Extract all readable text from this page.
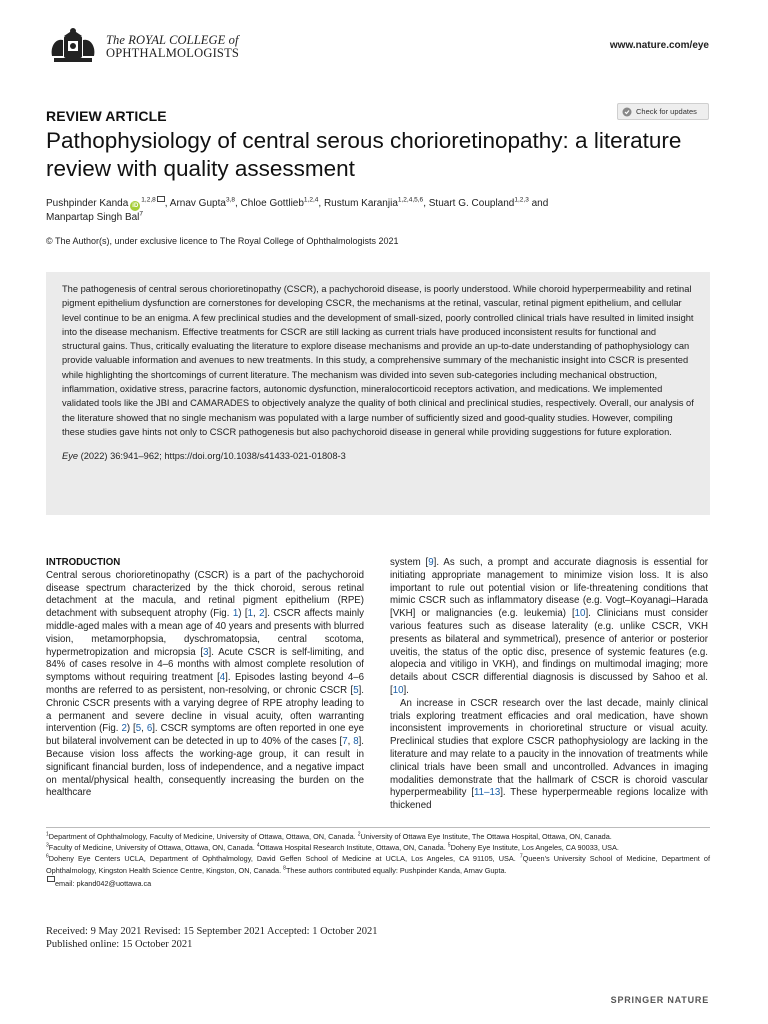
The ROYAL COLLEGE of
OPHTHALMOLOGISTS
www.nature.com/eye
REVIEW ARTICLE	Check for updates
Pathophysiology of central serous chorioretinopathy: a literature review with quality assessment
Pushpinder Kanda iD$^{1,2,8}$ , Arnav Gupta$^{3,8}$, Chloe Gottlieb$^{1,2,4}$, Rustum Karanjia$^{1,2,4,5,6}$, Stuart G. Coupland$^{1,2,3}$ and
Manpartap Singh Bal$^7$
© The Author(s), under exclusive licence to The Royal College of Ophthalmologists 2021

The pathogenesis of central serous chorioretinopathy (CSCR), a pachychoroid disease, is poorly understood. While choroid hyperpermeability and retinal pigment epithelium dysfunction are cornerstones for developing CSCR, the mechanisms at the retinal, vascular, retinal pigment epithelium, and cellular level continue to be an enigma. A few preclinical studies and the development of small-sized, poorly controlled clinical trials have resulted in limited insight into the disease mechanism. Effective treatments for CSCR are still lacking as current trials have produced inconsistent results for functional and structural gains. Thus, critically evaluating the literature to explore disease mechanisms and provide an up-to-date understanding of pathophysiology can provide valuable information and avenues to new treatments. In this study, a comprehensive summary of the mechanistic insight into CSCR is presented while highlighting the shortcomings of current literature. The mechanism was divided into seven sub-categories including mechanical obstruction, inflammation, oxidative stress, paracrine factors, autonomic dysfunction, mineralocorticoid receptors activation, and medications. We implemented validated tools like the JBI and CAMARADES to objectively analyze the quality of both clinical and preclinical studies, respectively. Overall, our analysis of the literature showed that no single mechanism was populated with a large number of sufficiently sized and good-quality studies. However, compiling these studies gave hints not only to CSCR pathogenesis but also pachychoroid disease in general while providing suggestions for future exploration.

Eye (2022) 36:941–962; https://doi.org/10.1038/s41433-021-01808-3

INTRODUCTION

Central serous chorioretinopathy (CSCR) is a part of the pachychoroid disease spectrum characterized by the thick choroid, serous retinal detachment at the macula, and retinal pigment epithelium (RPE) detachment with subsequent atrophy (Fig. 1) [1, 2]. CSCR affects mainly middle-aged males with a mean age of 40 years and presents with blurred vision, metamorphopsia, dyschromatopsia, central scotoma, hypermetropization and micropsia [3]. Acute CSCR is self-limiting, and 84% of cases resolve in 4–6 months with almost complete resolution of symptoms without requiring treatment [4]. Episodes lasting beyond 4–6 months are referred to as persistent, non-resolving, or chronic CSCR [5]. Chronic CSCR presents with a varying degree of RPE atrophy leading to a permanent and severe decline in visual acuity, often warranting intervention (Fig. 2) [5, 6]. CSCR symptoms are often reported in one eye but bilateral involvement can be detected in up to 40% of the cases [7, 8]. Because vision loss affects the working-age group, it can result in significant financial burden, loss of independence, and a negative impact on mental/physical health, consequently increasing the burden on the healthcare

system [9]. As such, a prompt and accurate diagnosis is essential for initiating appropriate management to minimize vision loss. It is also important to rule out potential vision or life-threatening conditions that mimic CSCR such as inflammatory disease (e.g. Vogt–Koyanagi–Harada [VKH] or malignancies (e.g. leukemia) [10]. Clinicians must consider various features such as disease laterality (e.g. unlike CSCR, VKH presents as bilateral and symmetrical), presence of anterior or posterior uveitis, the status of the optic disc, presence of systemic features (e.g. alopecia and vitiligo in VKH), and findings on multimodal imaging; more details about CSCR differential diagnosis is discussed by Sahoo et al. [10].

An increase in CSCR research over the last decade, mainly clinical trials exploring treatment efficacies and oral medication, have shown inconsistent improvements in chorioretinal structure or visual acuity. Preclinical studies that explore CSCR pathophysiology are lacking in the literature and may relate to a paucity in the innovation of treatments while clinical trials have been small and uncontrolled. Advances in imaging modalities demonstrate that the hallmark of CSCR is choroid vascular hyperpermeability [11–13]. These hyperpermeable regions localize with thickened

$^1$Department of Ophthalmology, Faculty of Medicine, University of Ottawa, Ottawa, ON, Canada. $^2$University of Ottawa Eye Institute, The Ottawa Hospital, Ottawa, ON, Canada.
$^3$Faculty of Medicine, University of Ottawa, Ottawa, ON, Canada. $^4$Ottawa Hospital Research Institute, Ottawa, ON, Canada. $^5$Doheny Eye Institute, Los Angeles, CA 90033, USA.
$^6$Doheny Eye Centers UCLA, Department of Ophthalmology, David Geffen School of Medicine at UCLA, Los Angeles, CA 91105, USA. $^7$Queen's University School of Medicine, Department of Ophthalmology, Kingston Health Science Centre, Kingston, ON, Canada. $^8$These authors contributed equally: Pushpinder Kanda, Arnav Gupta.
email: pkand042@uottawa.ca
Received: 9 May 2021 Revised: 15 September 2021 Accepted: 1 October 2021
Published online: 15 October 2021
SPRINGER NATURE
